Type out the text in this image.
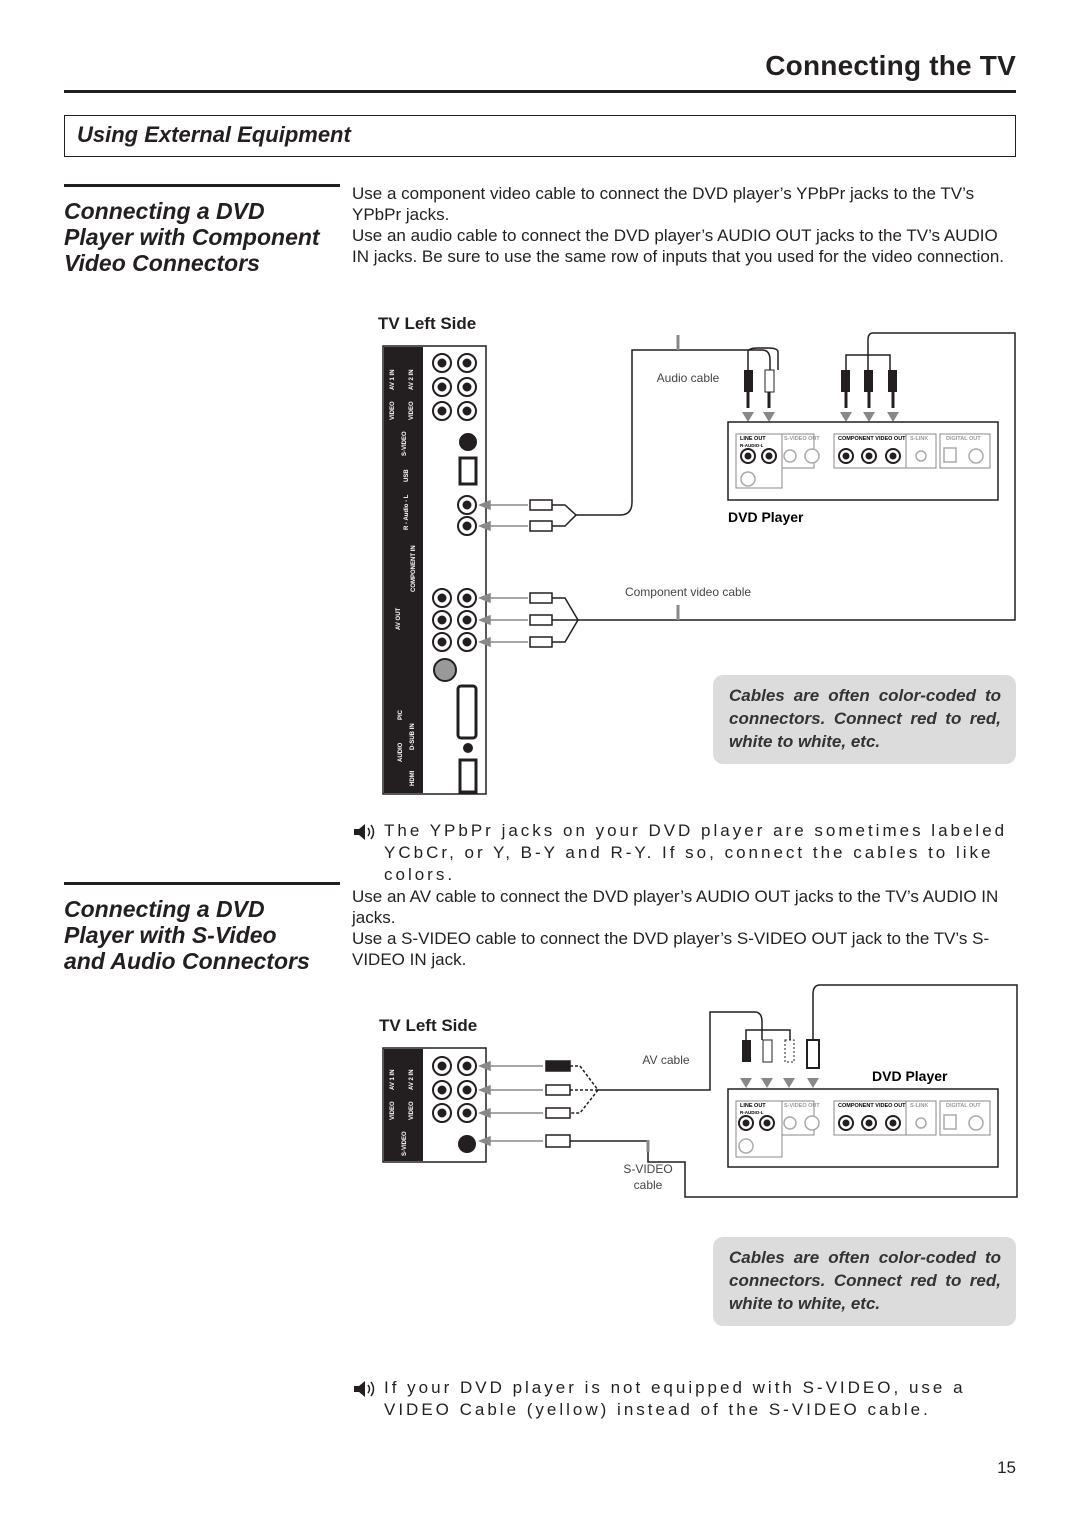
Connecting the TV
Using External Equipment
Connecting a DVD
Player with Component
Video Connectors

Use a component video cable to connect the DVD player’s YPbPr jacks to the TV’s YPbPr jacks.

Use an audio cable to connect the DVD player’s AUDIO OUT jacks to the TV’s AUDIO IN jacks. Be sure to use the same row of inputs that you used for the video connection.

TV Left Side
AV 1 IN AV 2 IN
VIDEO VIDEO
S-VIDEO
USB
R - Audio - L
COMPONENT IN
AV OUT
PIC
AUDIO
D-SUB IN
HDMI
Audio cable
Component video cable
LINE OUT
R-AUDIO-L
S-VIDEO OUT	COMPONENT VIDEO OUT S-LINK	DIGITAL OUT
DVD Player
Cables are often color-coded to connectors. Connect red to red, white to white, etc.
The YPbPr jacks on your DVD player are sometimes labeled YCbCr, or Y, B-Y and R-Y. If so, connect the cables to like colors.
Connecting a DVD
Player with S-Video
and Audio Connectors

Use an AV cable to connect the DVD player’s AUDIO OUT jacks to the TV’s AUDIO IN jacks.

Use a S-VIDEO cable to connect the DVD player’s S-VIDEO OUT jack to the TV’s S-VIDEO IN jack.

TV Left Side
AV 1 IN AV 2 IN
VIDEO VIDEO
S-VIDEO
AV cable
S-VIDEO
cable
DVD Player
LINE OUT
R-AUDIO-L
S-VIDEO OUT	COMPONENT VIDEO OUT S-LINK	DIGITAL OUT
Cables are often color-coded to connectors. Connect red to red, white to white, etc.
If your DVD player is not equipped with S-VIDEO, use a VIDEO Cable (yellow) instead of the S-VIDEO cable.
15
